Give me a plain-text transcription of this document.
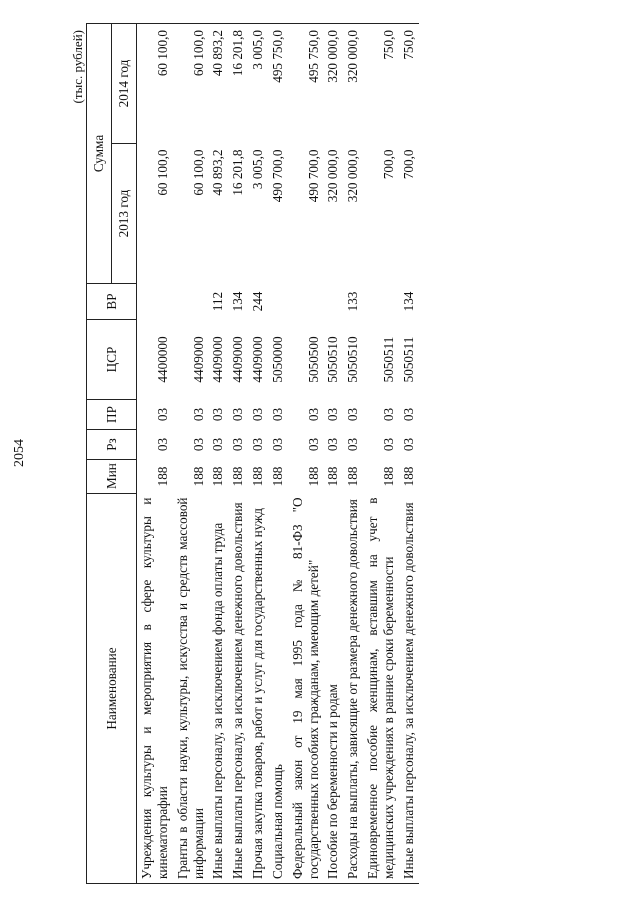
2054
(тыс. рублей)
Наименование	Мин	Рз	ПР	ЦСР	ВР	Сумма	
						2013 год	2014 год
Учреждения культуры и мероприятия в сфере культуры и кинематографии	188	03	03	4400000		60 100,0	60 100,0
Гранты в области науки, культуры, искусства и средств массовой информации	188	03	03	4409000		60 100,0	60 100,0
Иные выплаты персоналу, за исключением фонда оплаты труда	188	03	03	4409000	112	40 893,2	40 893,2
Иные выплаты персоналу, за исключением денежного довольствия	188	03	03	4409000	134	16 201,8	16 201,8
Прочая закупка товаров, работ и услуг для государственных нужд	188	03	03	4409000	244	3 005,0	3 005,0
Социальная помощь	188	03	03	5050000		490 700,0	495 750,0
Федеральный закон от 19 мая 1995 года № 81-ФЗ "О государственных пособиях гражданам, имеющим детей"	188	03	03	5050500		490 700,0	495 750,0
Пособие по беременности и родам	188	03	03	5050510		320 000,0	320 000,0
Расходы на выплаты, зависящие от размера денежного довольствия	188	03	03	5050510	133	320 000,0	320 000,0
Единовременное пособие женщинам, вставшим на учет в медицинских учреждениях в ранние сроки беременности	188	03	03	5050511		700,0	750,0
Иные выплаты персоналу, за исключением денежного довольствия	188	03	03	5050511	134	700,0	750,0
